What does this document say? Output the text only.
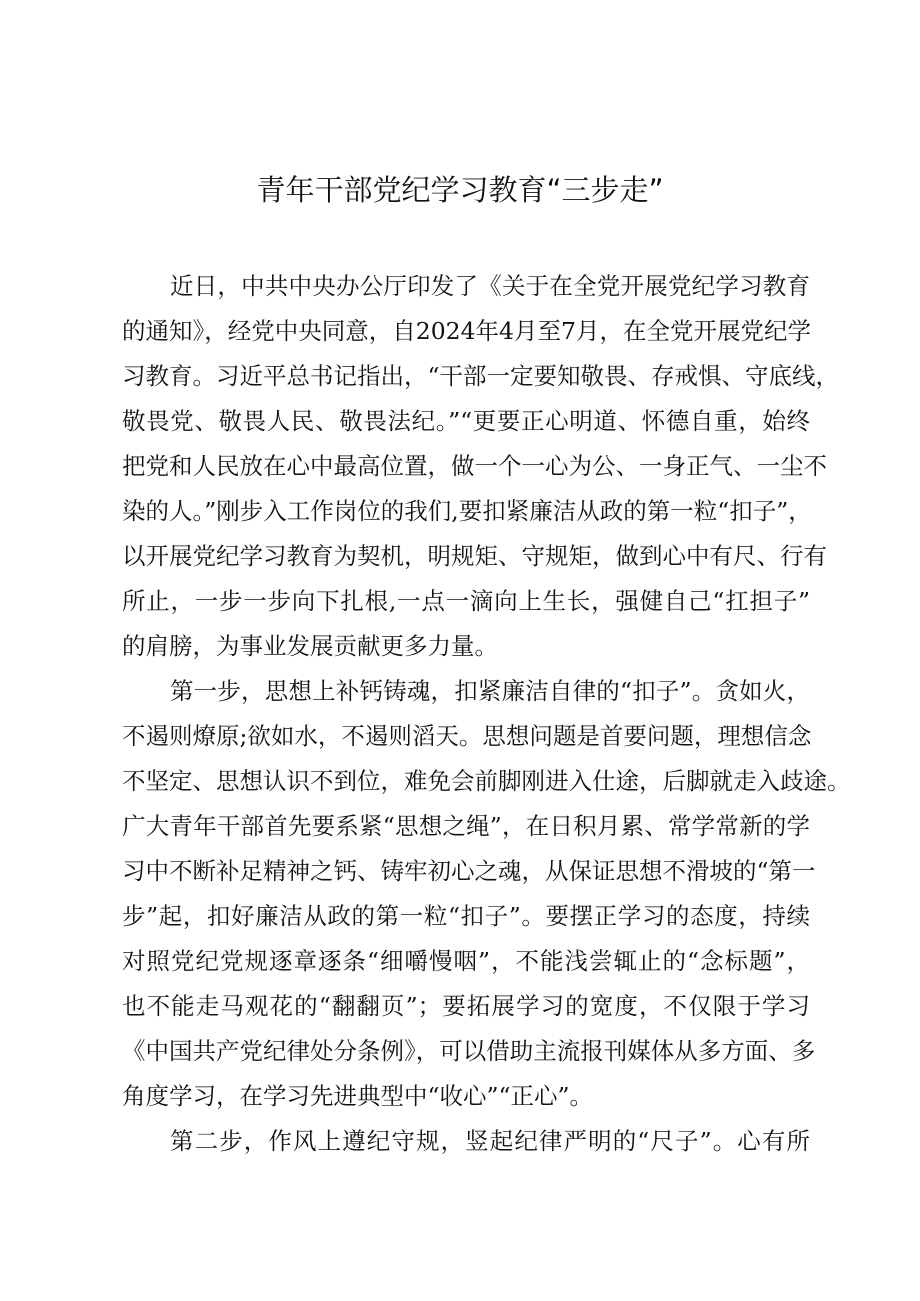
青年干部党纪学习教育“三步走”
近日，中共中央办公厅印发了《关于在全党开展党纪学习教育
的通知》，经党中央同意，自2024年4月至7月，在全党开展党纪学
习教育。习近平总书记指出，“干部一定要知敬畏、存戒惧、守底线，
敬畏党、敬畏人民、敬畏法纪。”“更要正心明道、怀德自重，始终
把党和人民放在心中最高位置，做一个一心为公、一身正气、一尘不
染的人。”刚步入工作岗位的我们,要扣紧廉洁从政的第一粒“扣子”，
以开展党纪学习教育为契机，明规矩、守规矩，做到心中有尺、行有
所止，一步一步向下扎根,一点一滴向上生长，强健自己“扛担子”
的肩膀，为事业发展贡献更多力量。
第一步，思想上补钙铸魂，扣紧廉洁自律的“扣子”。贪如火，
不遏则燎原;欲如水，不遏则滔天。思想问题是首要问题，理想信念
不坚定、思想认识不到位，难免会前脚刚进入仕途，后脚就走入歧途。
广大青年干部首先要系紧“思想之绳”，在日积月累、常学常新的学
习中不断补足精神之钙、铸牢初心之魂，从保证思想不滑坡的“第一
步”起，扣好廉洁从政的第一粒“扣子”。要摆正学习的态度，持续
对照党纪党规逐章逐条“细嚼慢咽”，不能浅尝辄止的“念标题”，
也不能走马观花的“翻翻页”；要拓展学习的宽度，不仅限于学习
《中国共产党纪律处分条例》，可以借助主流报刊媒体从多方面、多
角度学习，在学习先进典型中“收心”“正心”。
第二步，作风上遵纪守规，竖起纪律严明的“尺子”。心有所
